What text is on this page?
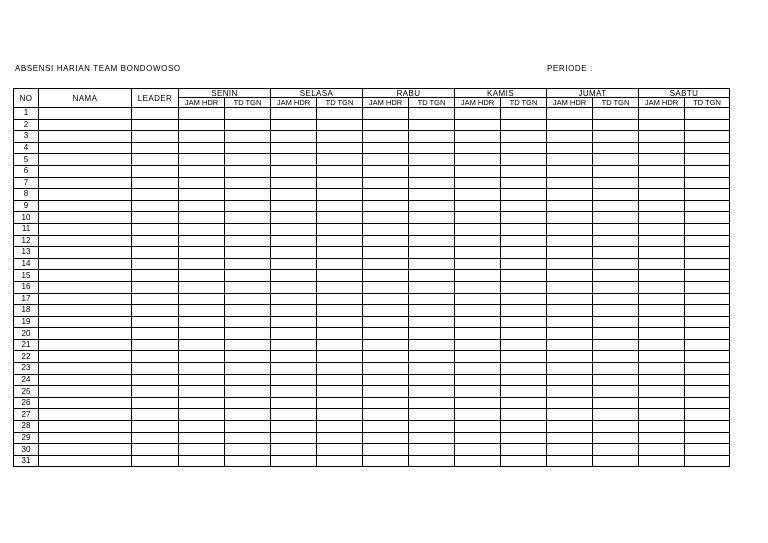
ABSENSI HARIAN TEAM BONDOWOSO	PERIODE :
NO	NAMA	LEADER	SENIN		SELASA		RABU		KAMIS		JUMAT		SABTU	
			JAM HDR	TD TGN	JAM HDR	TD TGN	JAM HDR	TD TGN	JAM HDR	TD TGN	JAM HDR	TD TGN	JAM HDR	TD TGN
1														
2														
3														
4														
5														
6														
7														
8														
9														
10														
11														
12														
13														
14														
15														
16														
17														
18														
19														
20														
21														
22														
23														
24														
25														
26														
27														
28														
29														
30														
31														
